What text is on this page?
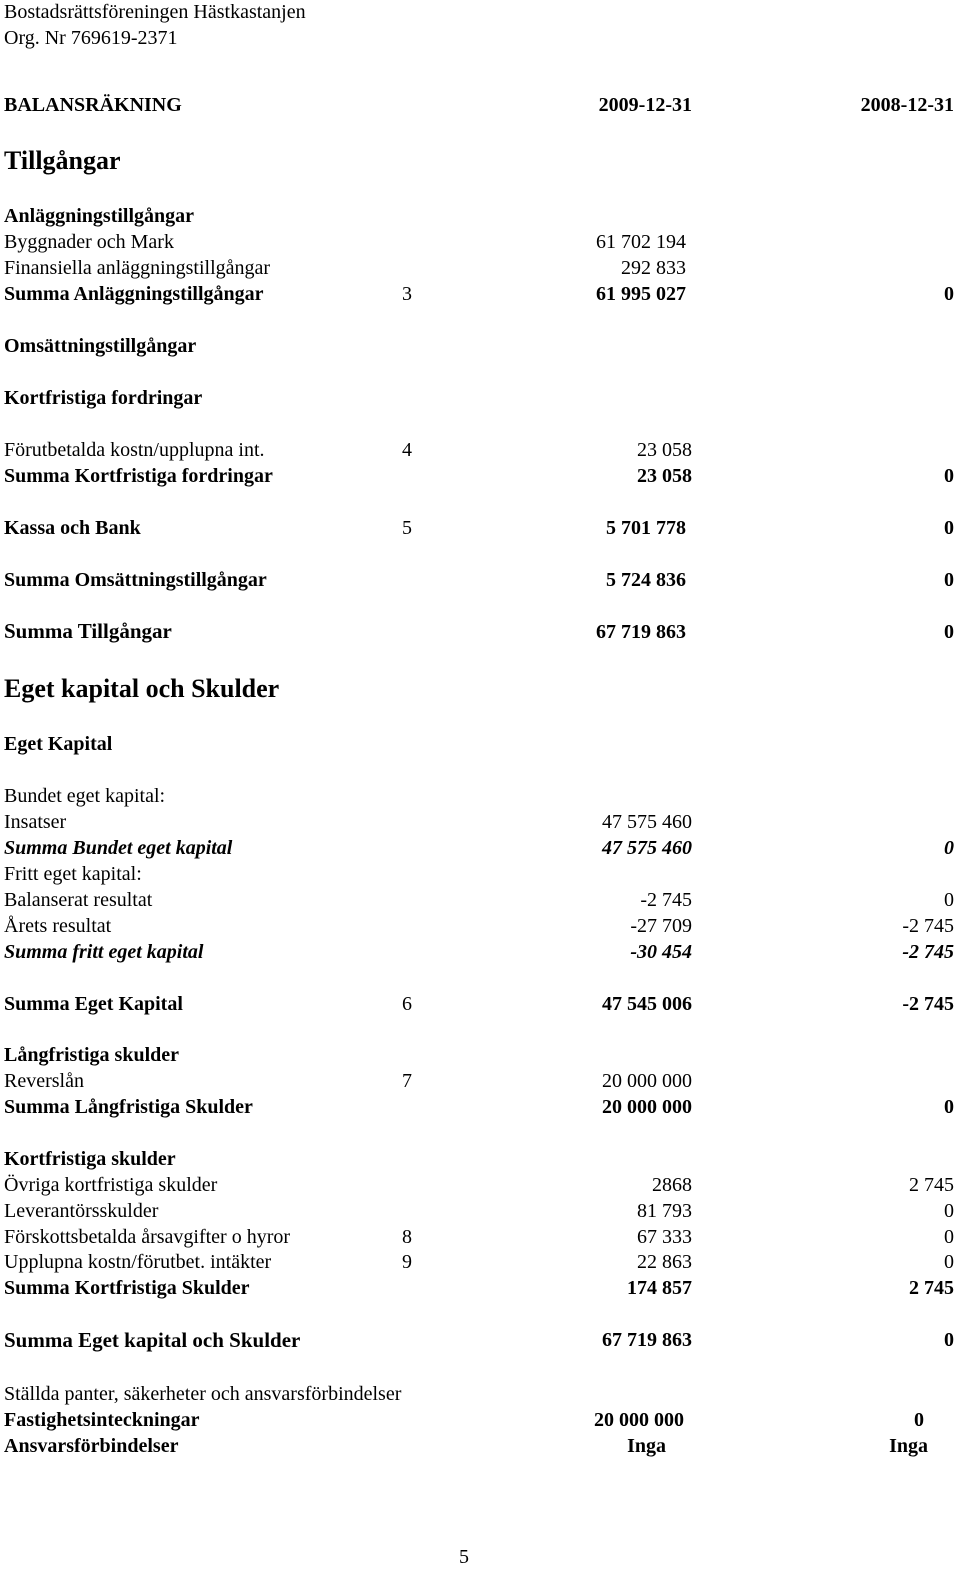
Bostadsrättsföreningen Hästkastanjen
Org. Nr 769619-2371
BALANSRÄKNING	2009-12-31	2008-12-31
Tillgångar
Anläggningstillgångar
Byggnader och Mark	61 702 194
Finansiella anläggningstillgångar	292 833
Summa Anläggningstillgångar	3	61 995 027	0
Omsättningstillgångar
Kortfristiga fordringar
Förutbetalda kostn/upplupna int.	4	23 058
Summa Kortfristiga fordringar	23 058	0
Kassa och Bank	5	5 701 778	0
Summa Omsättningstillgångar	5 724 836	0
Summa Tillgångar	67 719 863	0
Eget kapital och Skulder
Eget Kapital
Bundet eget kapital:
Insatser	47 575 460
Summa Bundet eget kapital	47 575 460	0
Fritt eget kapital:
Balanserat resultat	-2 745	0
Årets resultat	-27 709	-2 745
Summa fritt eget kapital	-30 454	-2 745
Summa Eget Kapital	6	47 545 006	-2 745
Långfristiga skulder
Reverslån	7	20 000 000
Summa Långfristiga Skulder	20 000 000	0
Kortfristiga skulder
Övriga kortfristiga skulder	2868	2 745
Leverantörsskulder	81 793	0
Förskottsbetalda årsavgifter o hyror	8	67 333	0
Upplupna kostn/förutbet. intäkter	9	22 863	0
Summa Kortfristiga Skulder	174 857	2 745
Summa Eget kapital och Skulder	67 719 863	0
Ställda panter, säkerheter och ansvarsförbindelser
Fastighetsinteckningar	20 000 000	0
Ansvarsförbindelser	Inga	Inga
5
